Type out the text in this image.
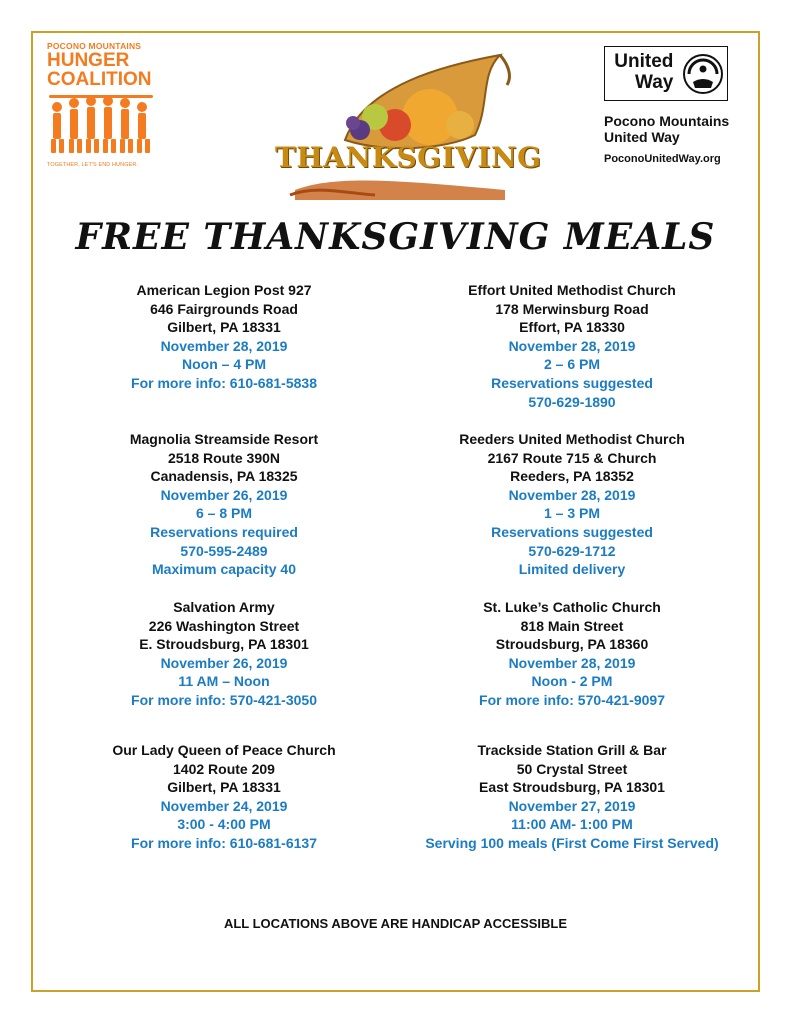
POCONO MOUNTAINS
HUNGER
COALITION
TOGETHER, LET'S END HUNGER.	THANKSGIVING
United
Way
Pocono Mountains
United Way
PoconoUnitedWay.org
FREE THANKSGIVING MEALS
American Legion Post 927
646 Fairgrounds Road
Gilbert, PA 18331
November 28, 2019
Noon – 4 PM
For more info: 610-681-5838
Effort United Methodist Church
178 Merwinsburg Road
Effort, PA 18330
November 28, 2019
2 – 6 PM
Reservations suggested
570-629-1890
Magnolia Streamside Resort
2518 Route 390N
Canadensis, PA 18325
November 26, 2019
6 – 8 PM
Reservations required
570-595-2489
Maximum capacity 40
Reeders United Methodist Church
2167 Route 715 & Church
Reeders, PA 18352
November 28, 2019
1 – 3 PM
Reservations suggested
570-629-1712
Limited delivery
Salvation Army
226 Washington Street
E. Stroudsburg, PA 18301
November 26, 2019
11 AM – Noon
For more info: 570-421-3050
St. Luke’s Catholic Church
818 Main Street
Stroudsburg, PA 18360
November 28, 2019
Noon - 2 PM
For more info: 570-421-9097
Our Lady Queen of Peace Church
1402 Route 209
Gilbert, PA 18331
November 24, 2019
3:00 - 4:00 PM
For more info: 610-681-6137
Trackside Station Grill & Bar
50 Crystal Street
East Stroudsburg, PA 18301
November 27, 2019
11:00 AM- 1:00 PM
Serving 100 meals (First Come First Served)
ALL LOCATIONS ABOVE ARE HANDICAP ACCESSIBLE
